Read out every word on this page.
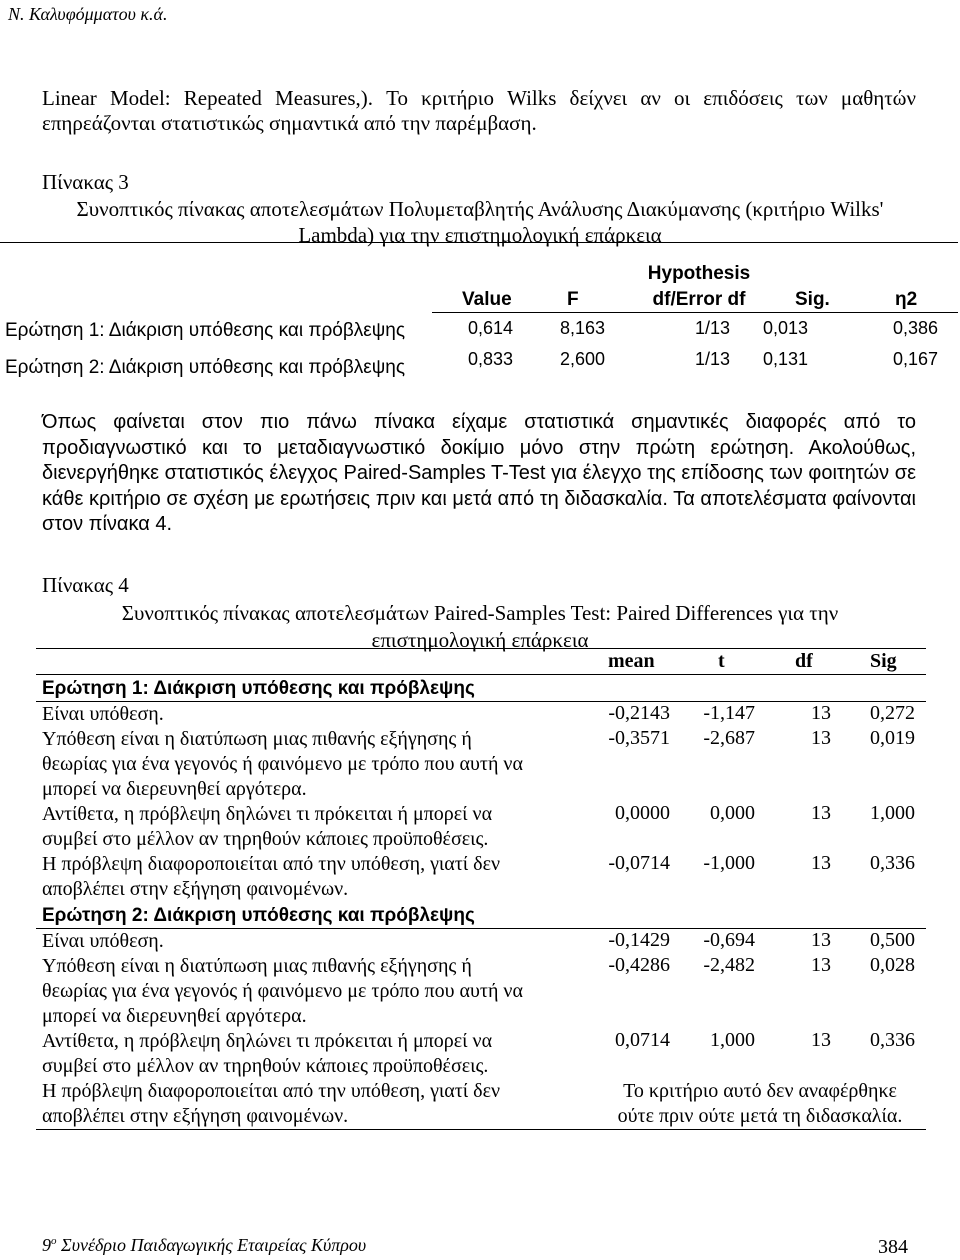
Ν. Καλυφόμματου κ.ά.
Linear Model: Repeated Measures,). Το κριτήριο Wilks δείχνει αν οι επιδόσεις των μαθητών επηρεάζονται στατιστικώς σημαντικά από την παρέμβαση.
Πίνακας 3
Συνοπτικός πίνακας αποτελεσμάτων Πολυμεταβλητής Ανάλυσης Διακύμανσης (κριτήριο Wilks'
Lambda) για την επιστημολογική επάρκεια
Value	F
Hypothesis
df/Error df	Sig.	η2
Ερώτηση 1: Διάκριση υπόθεσης και πρόβλεψης	0,614	8,163	1/13 0,013	0,386
Ερώτηση 2: Διάκριση υπόθεσης και πρόβλεψης	0,833	2,600	1/13 0,131	0,167
Όπως φαίνεται στον πιο πάνω πίνακα είχαμε στατιστικά σημαντικές διαφορές από το προδιαγνωστικό και το μεταδιαγνωστικό δοκίμιο μόνο στην πρώτη ερώτηση. Ακολούθως, διενεργήθηκε στατιστικός έλεγχος Paired-Samples T-Test για έλεγχο της επίδοσης των φοιτητών σε κάθε κριτήριο σε σχέση με ερωτήσεις πριν και μετά από τη διδασκαλία. Τα αποτελέσματα φαίνονται στον πίνακα 4.
Πίνακας 4
Συνοπτικός πίνακας αποτελεσμάτων Paired-Samples Test: Paired Differences για την
επιστημολογική επάρκεια
mean	t	df	Sig
Ερώτηση 1: Διάκριση υπόθεσης και πρόβλεψης
Είναι υπόθεση.	-0,2143	-1,147	13	0,272
Υπόθεση είναι η διατύπωση μιας πιθανής εξήγησης ή
θεωρίας για ένα γεγονός ή φαινόμενο με τρόπο που αυτή να
μπορεί να διερευνηθεί αργότερα.
-0,3571	-2,687	13	0,019
Αντίθετα, η πρόβλεψη δηλώνει τι πρόκειται ή μπορεί να
συμβεί στο μέλλον αν τηρηθούν κάποιες προϋποθέσεις.
0,0000	0,000	13	1,000
Η πρόβλεψη διαφοροποιείται από την υπόθεση, γιατί δεν
αποβλέπει στην εξήγηση φαινομένων.
-0,0714	-1,000	13	0,336
Ερώτηση 2: Διάκριση υπόθεσης και πρόβλεψης
Είναι υπόθεση.	-0,1429	-0,694	13	0,500
Υπόθεση είναι η διατύπωση μιας πιθανής εξήγησης ή
θεωρίας για ένα γεγονός ή φαινόμενο με τρόπο που αυτή να
μπορεί να διερευνηθεί αργότερα.
-0,4286	-2,482	13	0,028
Αντίθετα, η πρόβλεψη δηλώνει τι πρόκειται ή μπορεί να
συμβεί στο μέλλον αν τηρηθούν κάποιες προϋποθέσεις.
0,0714	1,000	13	0,336
Η πρόβλεψη διαφοροποιείται από την υπόθεση, γιατί δεν
αποβλέπει στην εξήγηση φαινομένων.
Το κριτήριο αυτό δεν αναφέρθηκε
ούτε πριν ούτε μετά τη διδασκαλία.
$9^o$ Συνέδριο Παιδαγωγικής Εταιρείας Κύπρου	384
